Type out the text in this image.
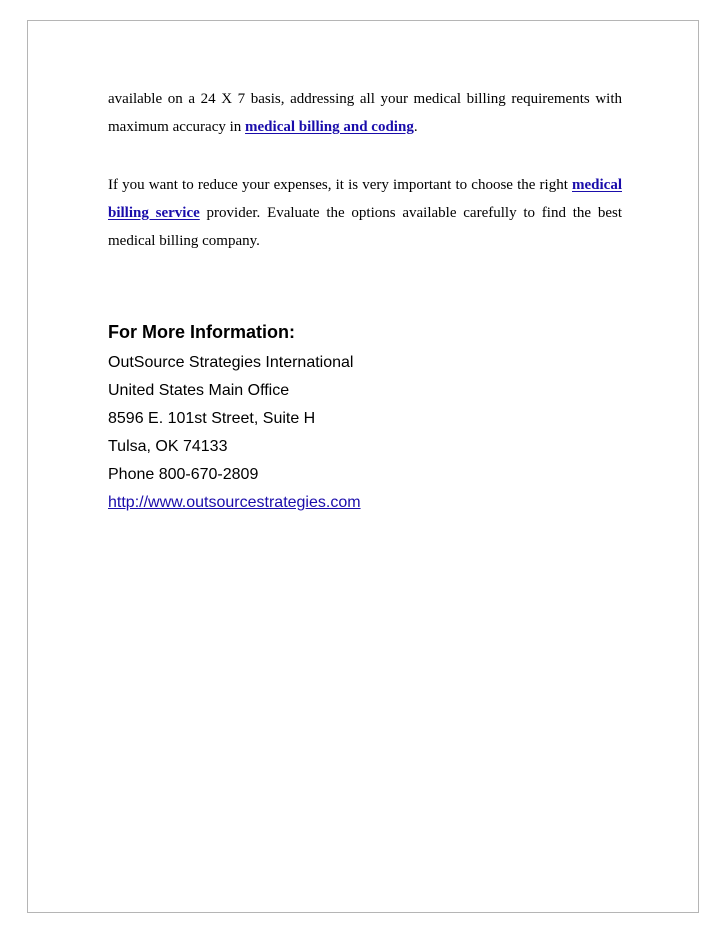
available on a 24 X 7 basis, addressing all your medical billing requirements with maximum accuracy in medical billing and coding.

If you want to reduce your expenses, it is very important to choose the right medical billing service provider. Evaluate the options available carefully to find the best medical billing company.

For More Information:

OutSource Strategies International

United States Main Office

8596 E. 101st Street, Suite H

Tulsa, OK 74133

Phone 800-670-2809

http://www.outsourcestrategies.com
